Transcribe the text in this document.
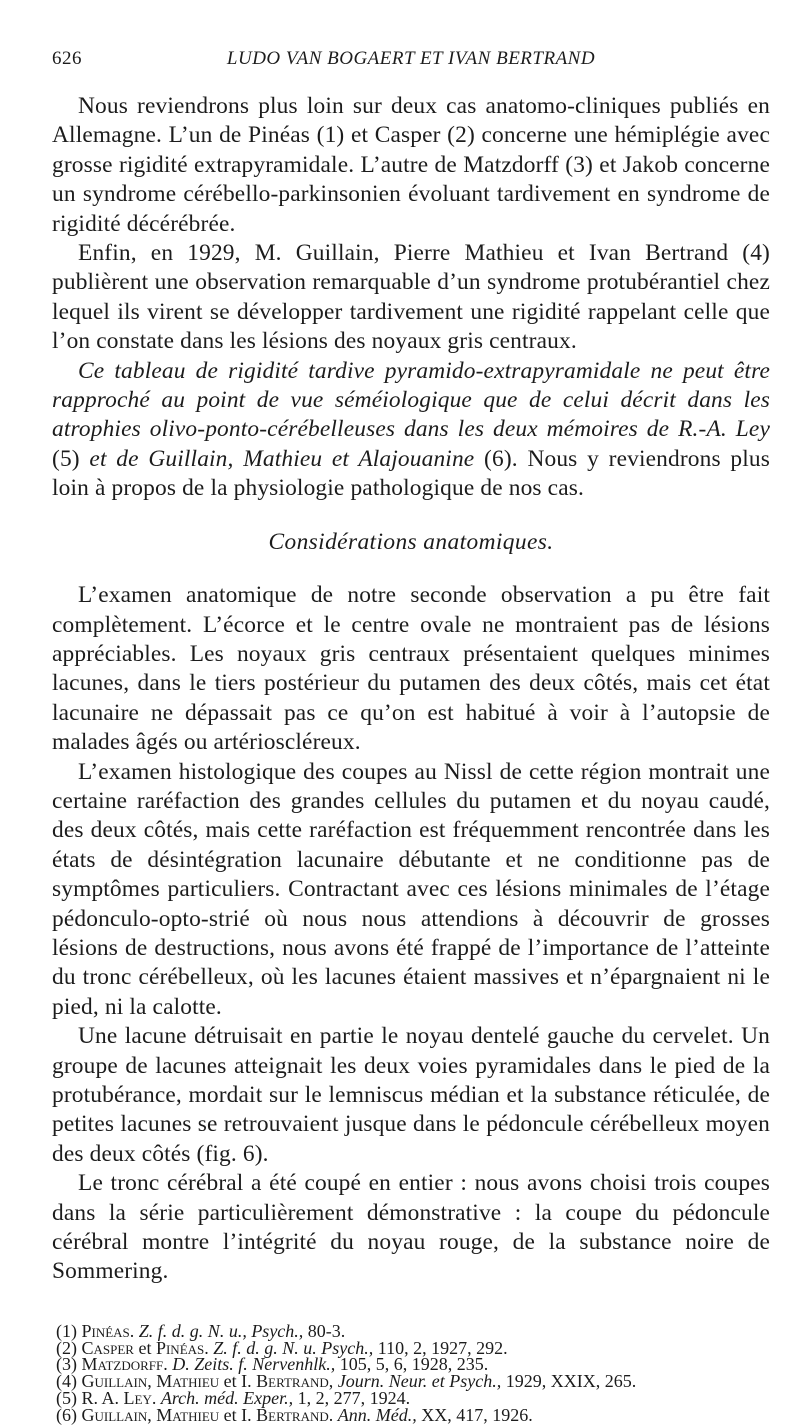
626	LUDO VAN BOGAERT ET IVAN BERTRAND

Nous reviendrons plus loin sur deux cas anatomo-cliniques publiés en Allemagne. L’un de Pinéas (1) et Casper (2) concerne une hémiplégie avec grosse rigidité extrapyramidale. L’autre de Matzdorff (3) et Jakob concerne un syndrome cérébello-parkinsonien évoluant tardivement en syndrome de rigidité décérébrée.

Enfin, en 1929, M. Guillain, Pierre Mathieu et Ivan Bertrand (4) publièrent une observation remarquable d’un syndrome protubérantiel chez lequel ils virent se développer tardivement une rigidité rappelant celle que l’on constate dans les lésions des noyaux gris centraux.

Ce tableau de rigidité tardive pyramido-extrapyramidale ne peut être rapproché au point de vue séméiologique que de celui décrit dans les atrophies olivo-ponto-cérébelleuses dans les deux mémoires de R.-A. Ley (5) et de Guillain, Mathieu et Alajouanine (6). Nous y reviendrons plus loin à propos de la physiologie pathologique de nos cas.

Considérations anatomiques.

L’examen anatomique de notre seconde observation a pu être fait complètement. L’écorce et le centre ovale ne montraient pas de lésions appréciables. Les noyaux gris centraux présentaient quelques minimes lacunes, dans le tiers postérieur du putamen des deux côtés, mais cet état lacunaire ne dépassait pas ce qu’on est habitué à voir à l’autopsie de malades âgés ou artérioscléreux.

L’examen histologique des coupes au Nissl de cette région montrait une certaine raréfaction des grandes cellules du putamen et du noyau caudé, des deux côtés, mais cette raréfaction est fréquemment rencontrée dans les états de désintégration lacunaire débutante et ne conditionne pas de symptômes particuliers. Contractant avec ces lésions minimales de l’étage pédonculo-opto-strié où nous nous attendions à découvrir de grosses lésions de destructions, nous avons été frappé de l’importance de l’atteinte du tronc cérébelleux, où les lacunes étaient massives et n’épargnaient ni le pied, ni la calotte.

Une lacune détruisait en partie le noyau dentelé gauche du cervelet. Un groupe de lacunes atteignait les deux voies pyramidales dans le pied de la protubérance, mordait sur le lemniscus médian et la substance réticulée, de petites lacunes se retrouvaient jusque dans le pédoncule cérébelleux moyen des deux côtés (fig. 6).

Le tronc cérébral a été coupé en entier : nous avons choisi trois coupes dans la série particulièrement démonstrative : la coupe du pédoncule cérébral montre l’intégrité du noyau rouge, de la substance noire de Sommering.

(1) Pinéas. Z. f. d. g. N. u., Psych., 80-3.

(2) Casper et Pinéas. Z. f. d. g. N. u. Psych., 110, 2, 1927, 292.

(3) Matzdorff. D. Zeits. f. Nervenhlk., 105, 5, 6, 1928, 235.

(4) Guillain, Mathieu et I. Bertrand, Journ. Neur. et Psych., 1929, XXIX, 265.

(5) R. A. Ley. Arch. méd. Exper., 1, 2, 277, 1924.

(6) Guillain, Mathieu et I. Bertrand. Ann. Méd., XX, 417, 1926.
